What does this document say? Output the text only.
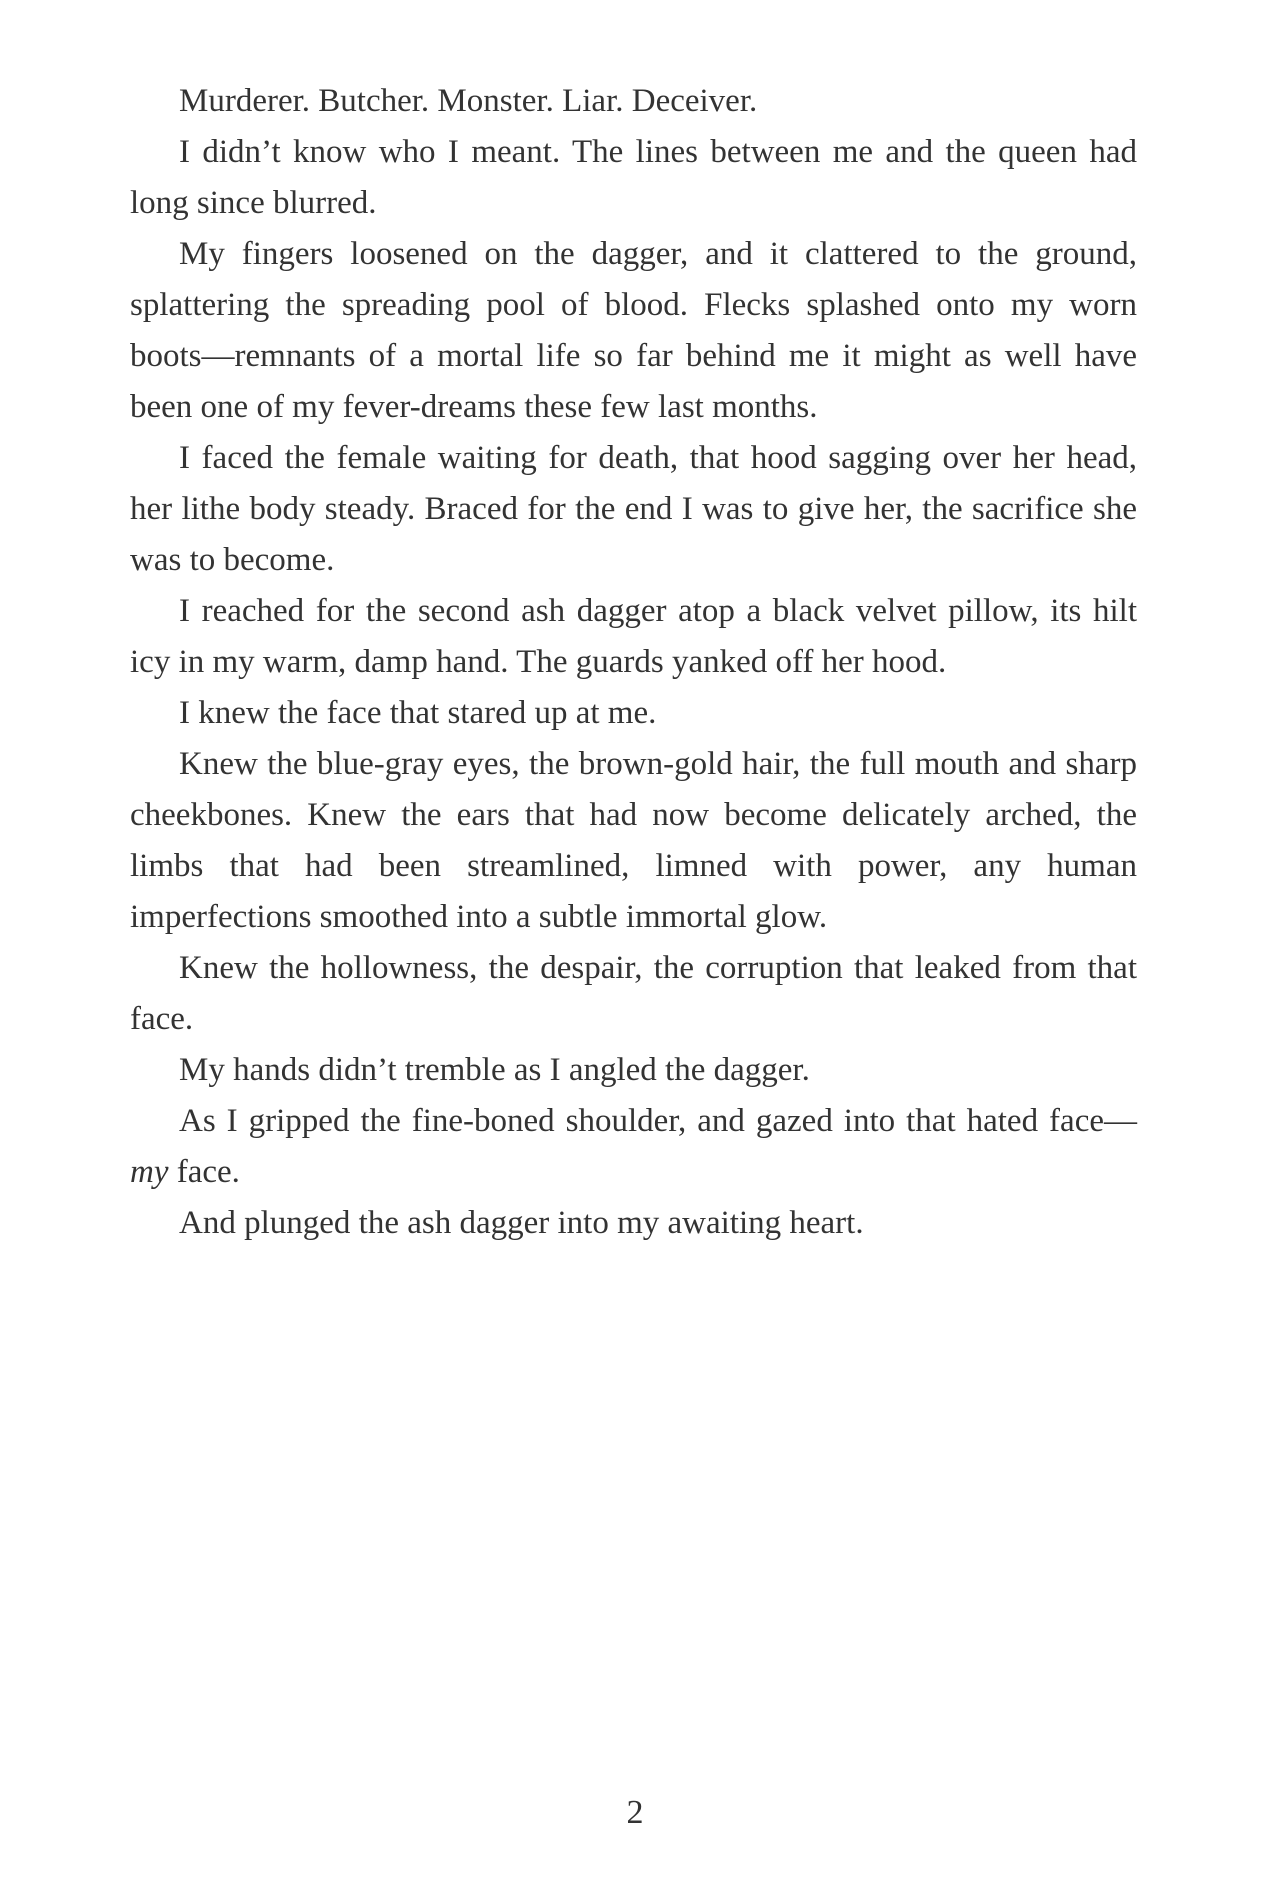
Murderer. Butcher. Monster. Liar. Deceiver.

I didn’t know who I meant. The lines between me and the queen had long since blurred.

My fingers loosened on the dagger, and it clattered to the ground, splattering the spreading pool of blood. Flecks splashed onto my worn boots—remnants of a mortal life so far behind me it might as well have been one of my fever-dreams these few last months.

I faced the female waiting for death, that hood sagging over her head, her lithe body steady. Braced for the end I was to give her, the sacrifice she was to become.

I reached for the second ash dagger atop a black velvet pillow, its hilt icy in my warm, damp hand. The guards yanked off her hood.

I knew the face that stared up at me.

Knew the blue-gray eyes, the brown-gold hair, the full mouth and sharp cheekbones. Knew the ears that had now become delicately arched, the limbs that had been streamlined, limned with power, any human imperfections smoothed into a subtle immortal glow.

Knew the hollowness, the despair, the corruption that leaked from that face.

My hands didn’t tremble as I angled the dagger.

As I gripped the fine-boned shoulder, and gazed into that hated face—my face.

And plunged the ash dagger into my awaiting heart.

2
